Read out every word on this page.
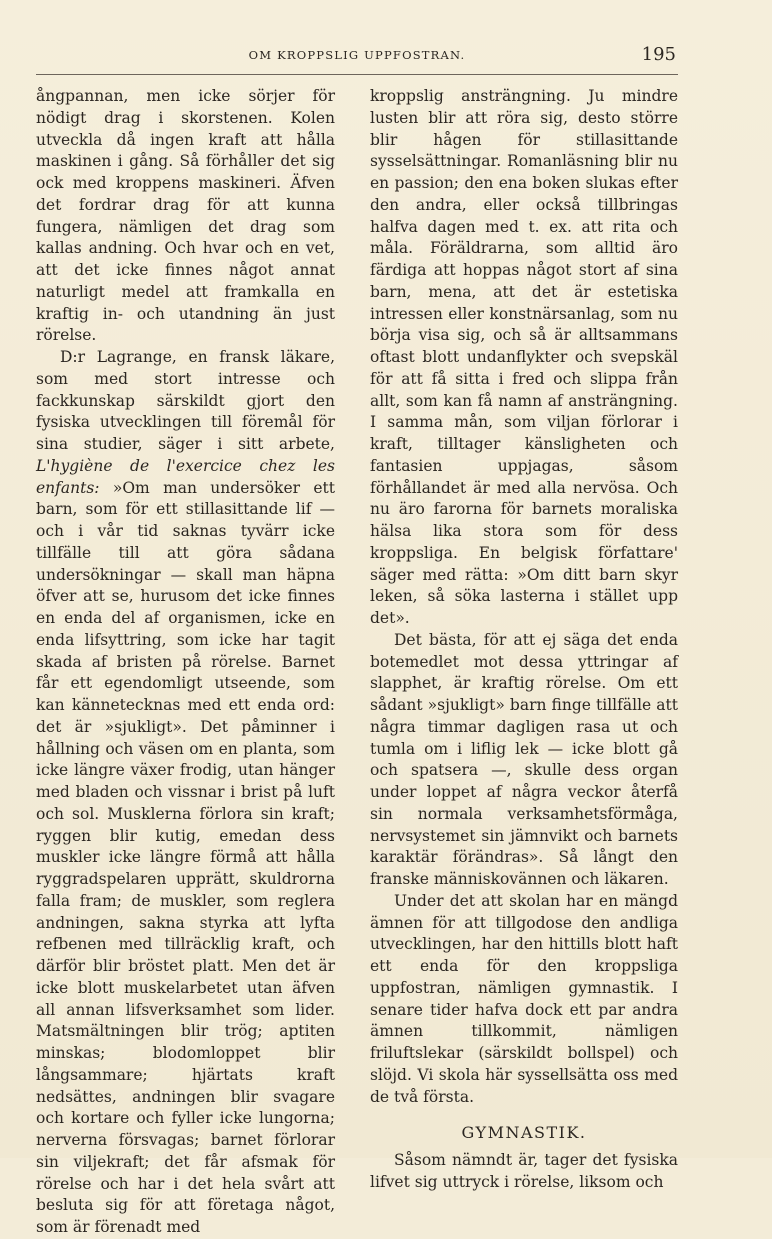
OM KROPPSLIG UPPFOSTRAN.	195

ångpannan, men icke sörjer för nödigt drag i skorstenen. Kolen utveckla då ingen kraft att hålla maskinen i gång. Så förhåller det sig ock med kroppens maskineri. Äfven det fordrar drag för att kunna fungera, nämligen det drag som kallas andning. Och hvar och en vet, att det icke finnes något annat naturligt medel att framkalla en kraftig in- och utandning än just rörelse.

D:r Lagrange, en fransk läkare, som med stort intresse och fackkunskap särskildt gjort den fysiska utvecklingen till föremål för sina studier, säger i sitt arbete, L'hygiène de l'exercice chez les enfants: »Om man undersöker ett barn, som för ett stillasittande lif — och i vår tid saknas tyvärr icke tillfälle till att göra sådana undersökningar — skall man häpna öfver att se, hurusom det icke finnes en enda del af organismen, icke en enda lifsyttring, som icke har tagit skada af bristen på rörelse. Barnet får ett egendomligt utseende, som kan kännetecknas med ett enda ord: det är »sjukligt». Det påminner i hållning och väsen om en planta, som icke längre växer frodig, utan hänger med bladen och vissnar i brist på luft och sol. Musklerna förlora sin kraft; ryggen blir kutig, emedan dess muskler icke längre förmå att hålla ryggradspelaren upprätt, skuldrorna falla fram; de muskler, som reglera andningen, sakna styrka att lyfta refbenen med tillräcklig kraft, och därför blir bröstet platt. Men det är icke blott muskelarbetet utan äfven all annan lifsverksamhet som lider. Matsmältningen blir trög; aptiten minskas; blodomloppet blir långsammare; hjärtats kraft nedsättes, andningen blir svagare och kortare och fyller icke lungorna; nerverna försvagas; barnet förlorar sin viljekraft; det får afsmak för rörelse och har i det hela svårt att besluta sig för att företaga något, som är förenadt med

kroppslig ansträngning. Ju mindre lusten blir att röra sig, desto större blir hågen för stillasittande sysselsättningar. Romanläsning blir nu en passion; den ena boken slukas efter den andra, eller också tillbringas halfva dagen med t. ex. att rita och måla. Föräldrarna, som alltid äro färdiga att hoppas något stort af sina barn, mena, att det är estetiska intressen eller konstnärsanlag, som nu börja visa sig, och så är alltsammans oftast blott undanflykter och svepskäl för att få sitta i fred och slippa från allt, som kan få namn af ansträngning. I samma mån, som viljan förlorar i kraft, tilltager känsligheten och fantasien uppjagas, såsom förhållandet är med alla nervösa. Och nu äro farorna för barnets moraliska hälsa lika stora som för dess kroppsliga. En belgisk författare' säger med rätta: »Om ditt barn skyr leken, så söka lasterna i stället upp det».

Det bästa, för att ej säga det enda botemedlet mot dessa yttringar af slapphet, är kraftig rörelse. Om ett sådant »sjukligt» barn finge tillfälle att några timmar dagligen rasa ut och tumla om i liflig lek — icke blott gå och spatsera —, skulle dess organ under loppet af några veckor återfå sin normala verksamhetsförmåga, nervsystemet sin jämnvikt och barnets karaktär förändras». Så långt den franske människovännen och läkaren.

Under det att skolan har en mängd ämnen för att tillgodose den andliga utvecklingen, har den hittills blott haft ett enda för den kroppsliga uppfostran, nämligen gymnastik. I senare tider hafva dock ett par andra ämnen tillkommit, nämligen friluftslekar (särskildt bollspel) och slöjd. Vi skola här syssellsätta oss med de två första.

GYMNASTIK.

Såsom nämndt är, tager det fysiska lifvet sig uttryck i rörelse, liksom och
